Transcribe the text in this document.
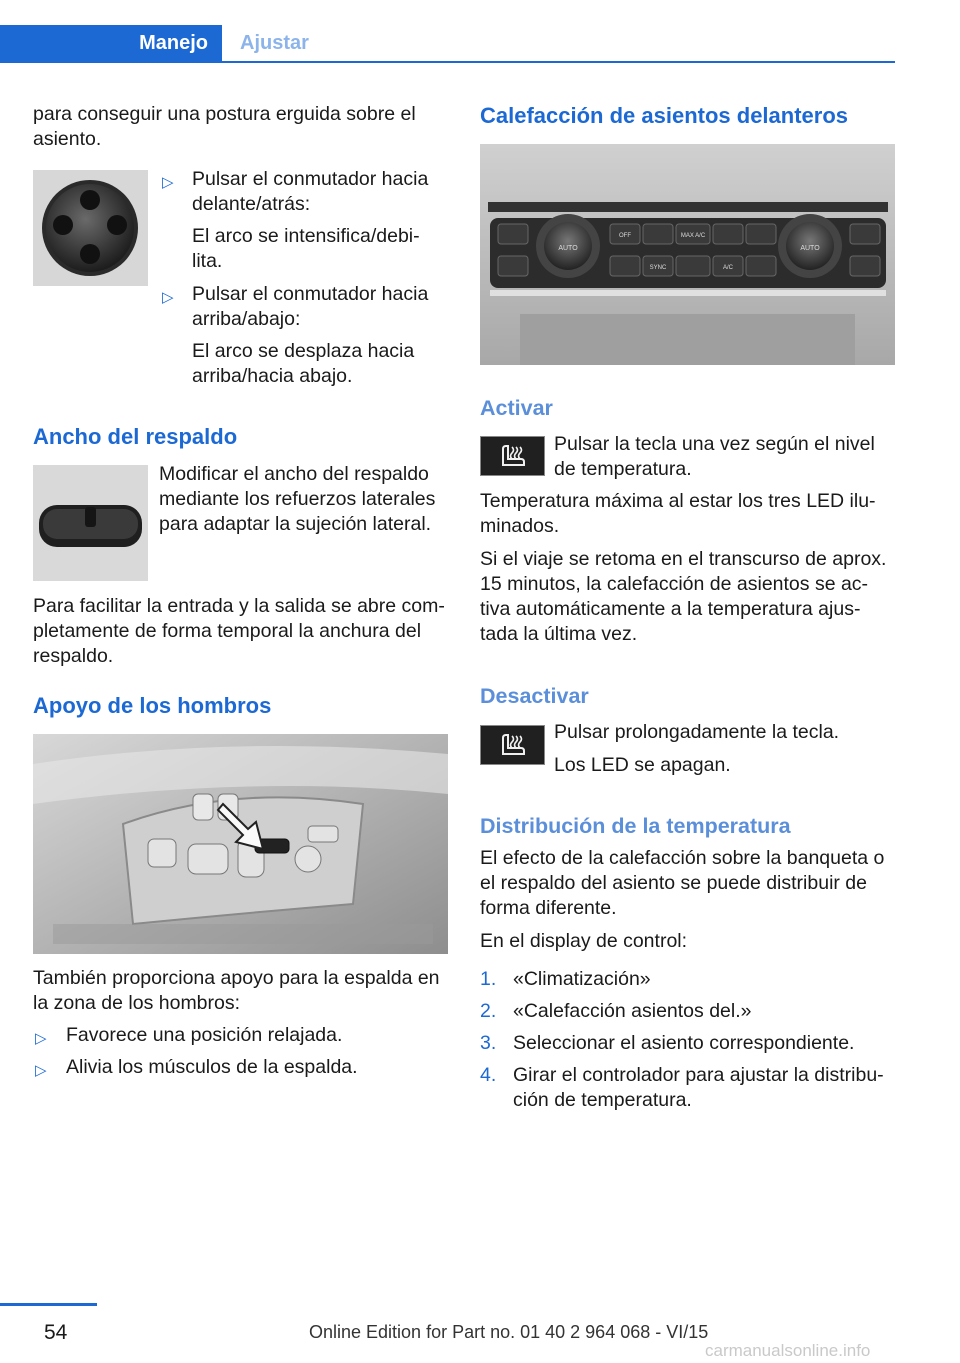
Manejo	Ajustar
para conseguir una postura erguida sobre el asiento.
▷ Pulsar el conmutador hacia
delante/atrás:
El arco se intensifica/debi-
lita.
▷ Pulsar el conmutador hacia
arriba/abajo:
El arco se desplaza hacia
arriba/hacia abajo.
Ancho del respaldo
Modificar el ancho del respaldo
mediante los refuerzos laterales
para adaptar la sujeción lateral.
Para facilitar la entrada y la salida se abre com-
pletamente de forma temporal la anchura del
respaldo.
Apoyo de los hombros
También proporciona apoyo para la espalda en
la zona de los hombros:
▷ Favorece una posición relajada.
▷ Alivia los músculos de la espalda.
Calefacción de asientos delanteros
AUTO	AUTO
MAX A/C
SYNC	A/C
OFF
Activar
Pulsar la tecla una vez según el nivel
de temperatura.
Temperatura máxima al estar los tres LED ilu-
minados.
Si el viaje se retoma en el transcurso de aprox.
15 minutos, la calefacción de asientos se ac-
tiva automáticamente a la temperatura ajus-
tada la última vez.
Desactivar
Pulsar prolongadamente la tecla.
Los LED se apagan.
Distribución de la temperatura
El efecto de la calefacción sobre la banqueta o
el respaldo del asiento se puede distribuir de
forma diferente.
En el display de control:
1. «Climatización»
2. «Calefacción asientos del.»
3. Seleccionar el asiento correspondiente.
4. Girar el controlador para ajustar la distribu-
ción de temperatura.
54	Online Edition for Part no. 01 40 2 964 068 - VI/15
carmanualsonline.info
